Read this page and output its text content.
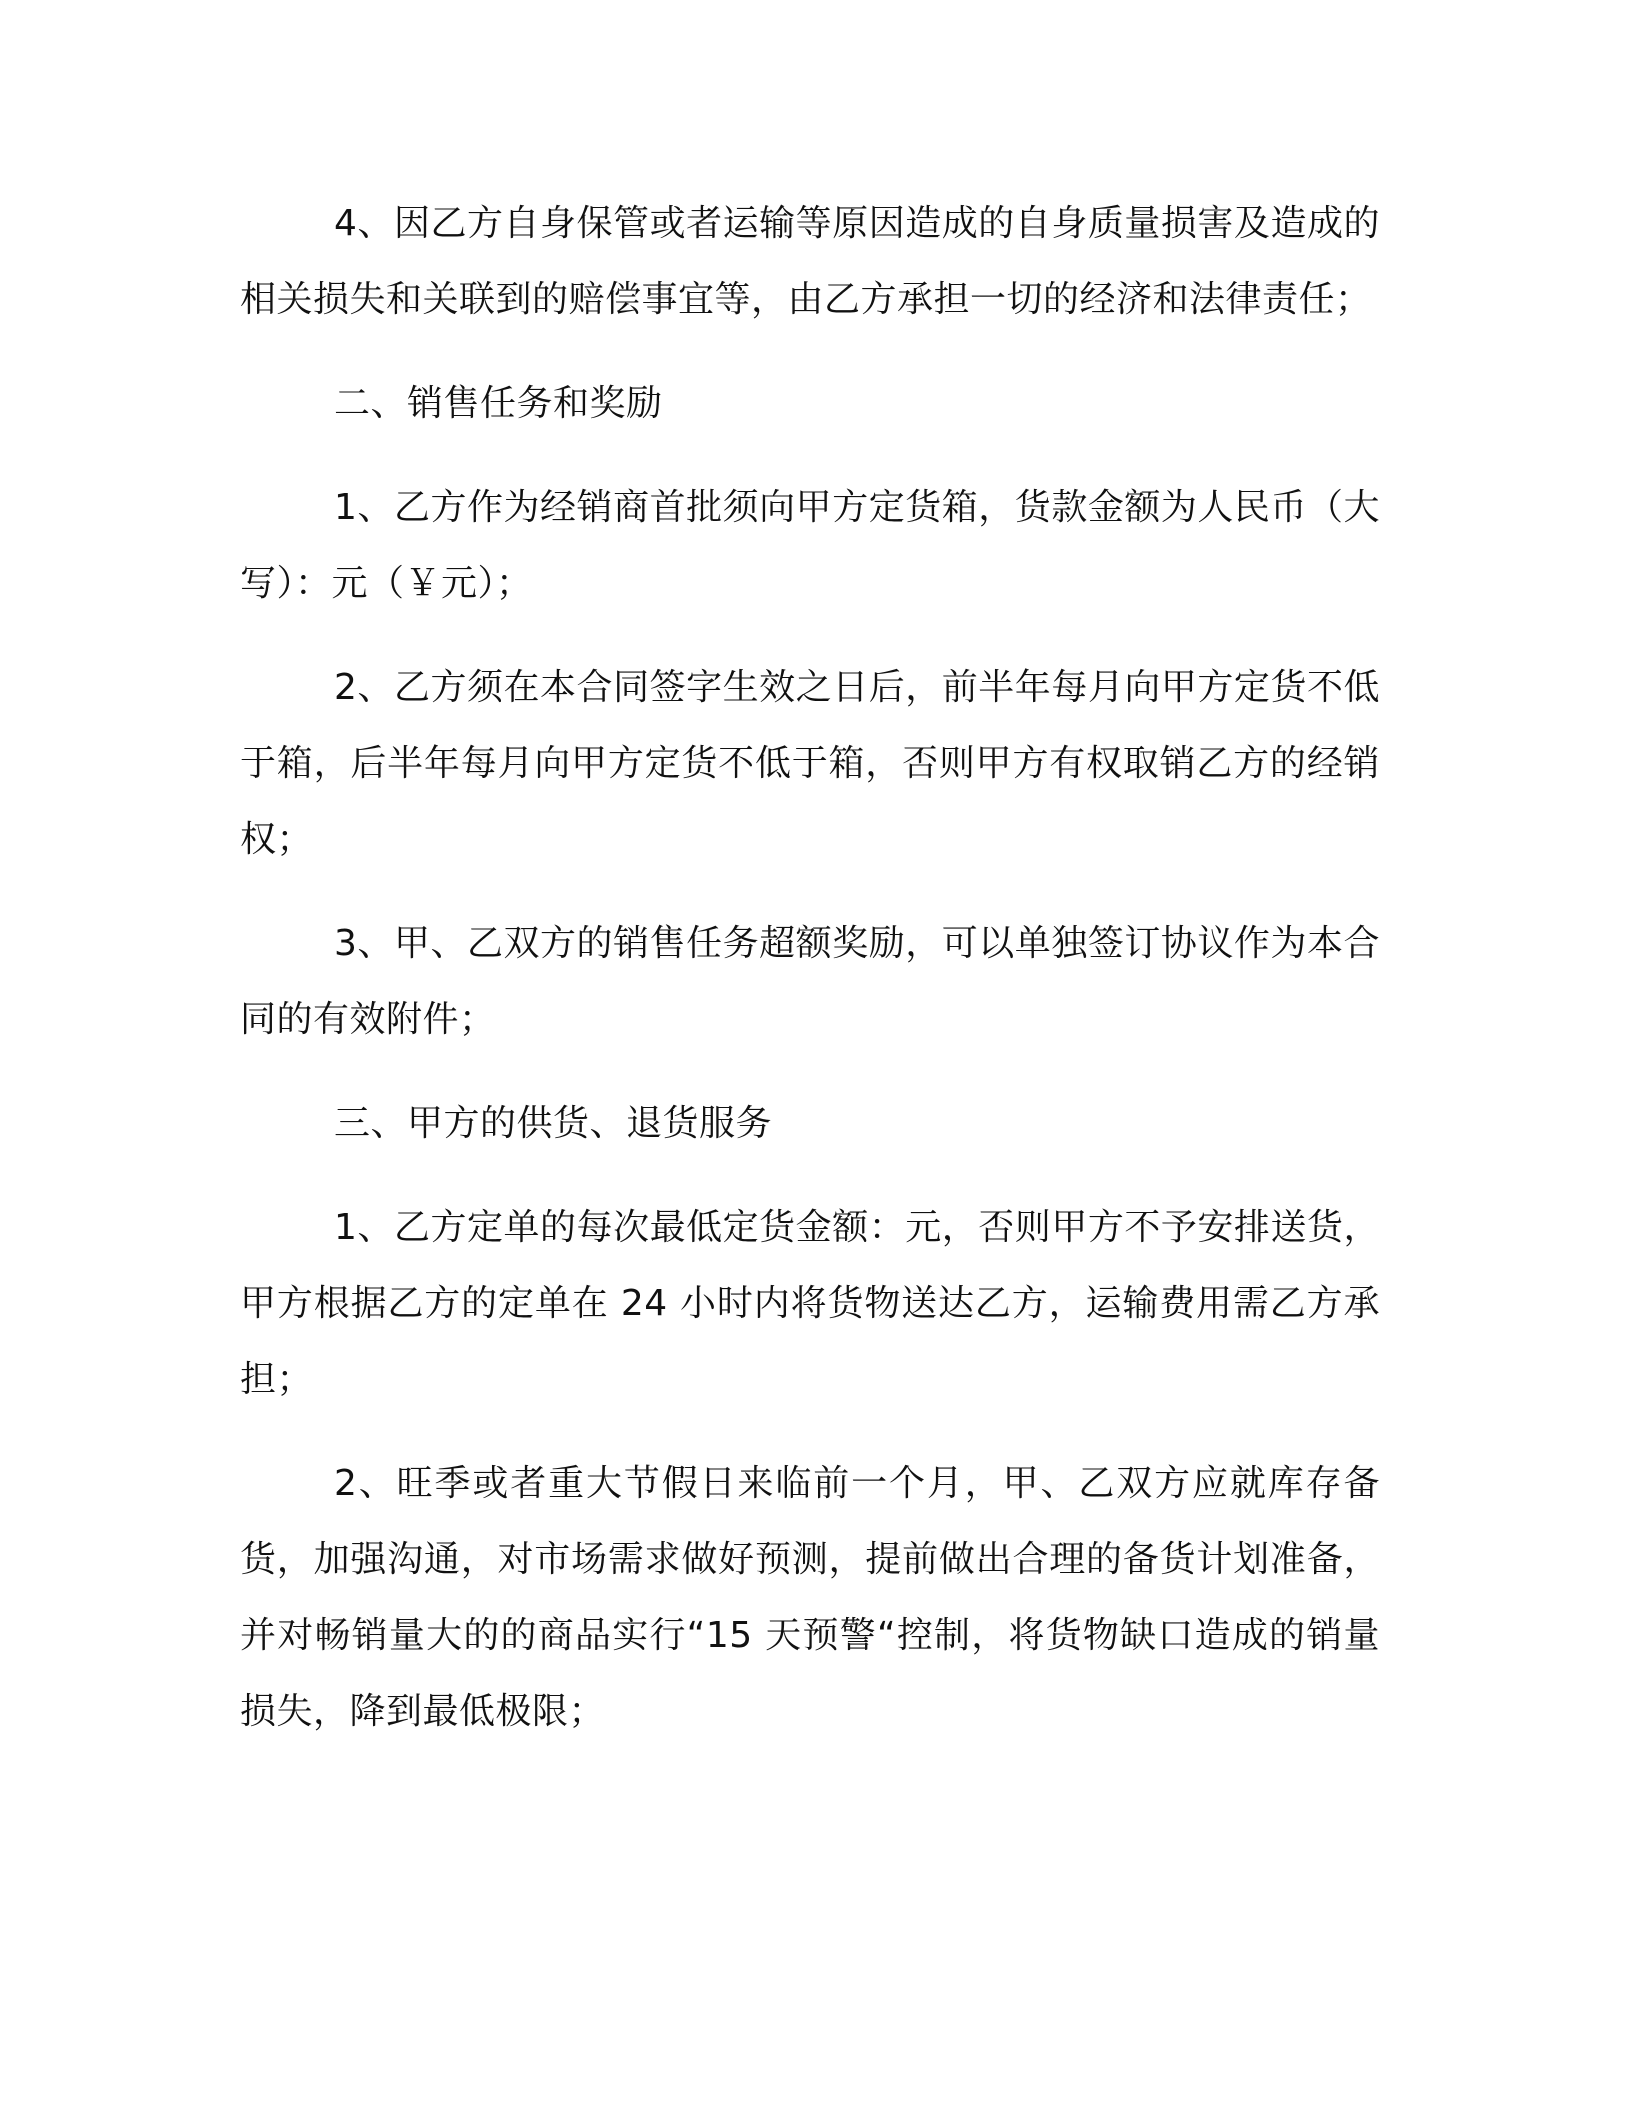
4、因乙方自身保管或者运输等原因造成的自身质量损害及造成的相关损失和关联到的赔偿事宜等，由乙方承担一切的经济和法律责任；

二、销售任务和奖励

1、乙方作为经销商首批须向甲方定货箱，货款金额为人民币（大写）：元（￥元）；

2、乙方须在本合同签字生效之日后，前半年每月向甲方定货不低于箱，后半年每月向甲方定货不低于箱，否则甲方有权取销乙方的经销权；

3、甲、乙双方的销售任务超额奖励，可以单独签订协议作为本合同的有效附件；

三、甲方的供货、退货服务

1、乙方定单的每次最低定货金额：元，否则甲方不予安排送货，甲方根据乙方的定单在 24 小时内将货物送达乙方，运输费用需乙方承担；

2、旺季或者重大节假日来临前一个月，甲、乙双方应就库存备货，加强沟通，对市场需求做好预测，提前做出合理的备货计划准备，并对畅销量大的的商品实行“15 天预警“控制，将货物缺口造成的销量损失，降到最低极限；
